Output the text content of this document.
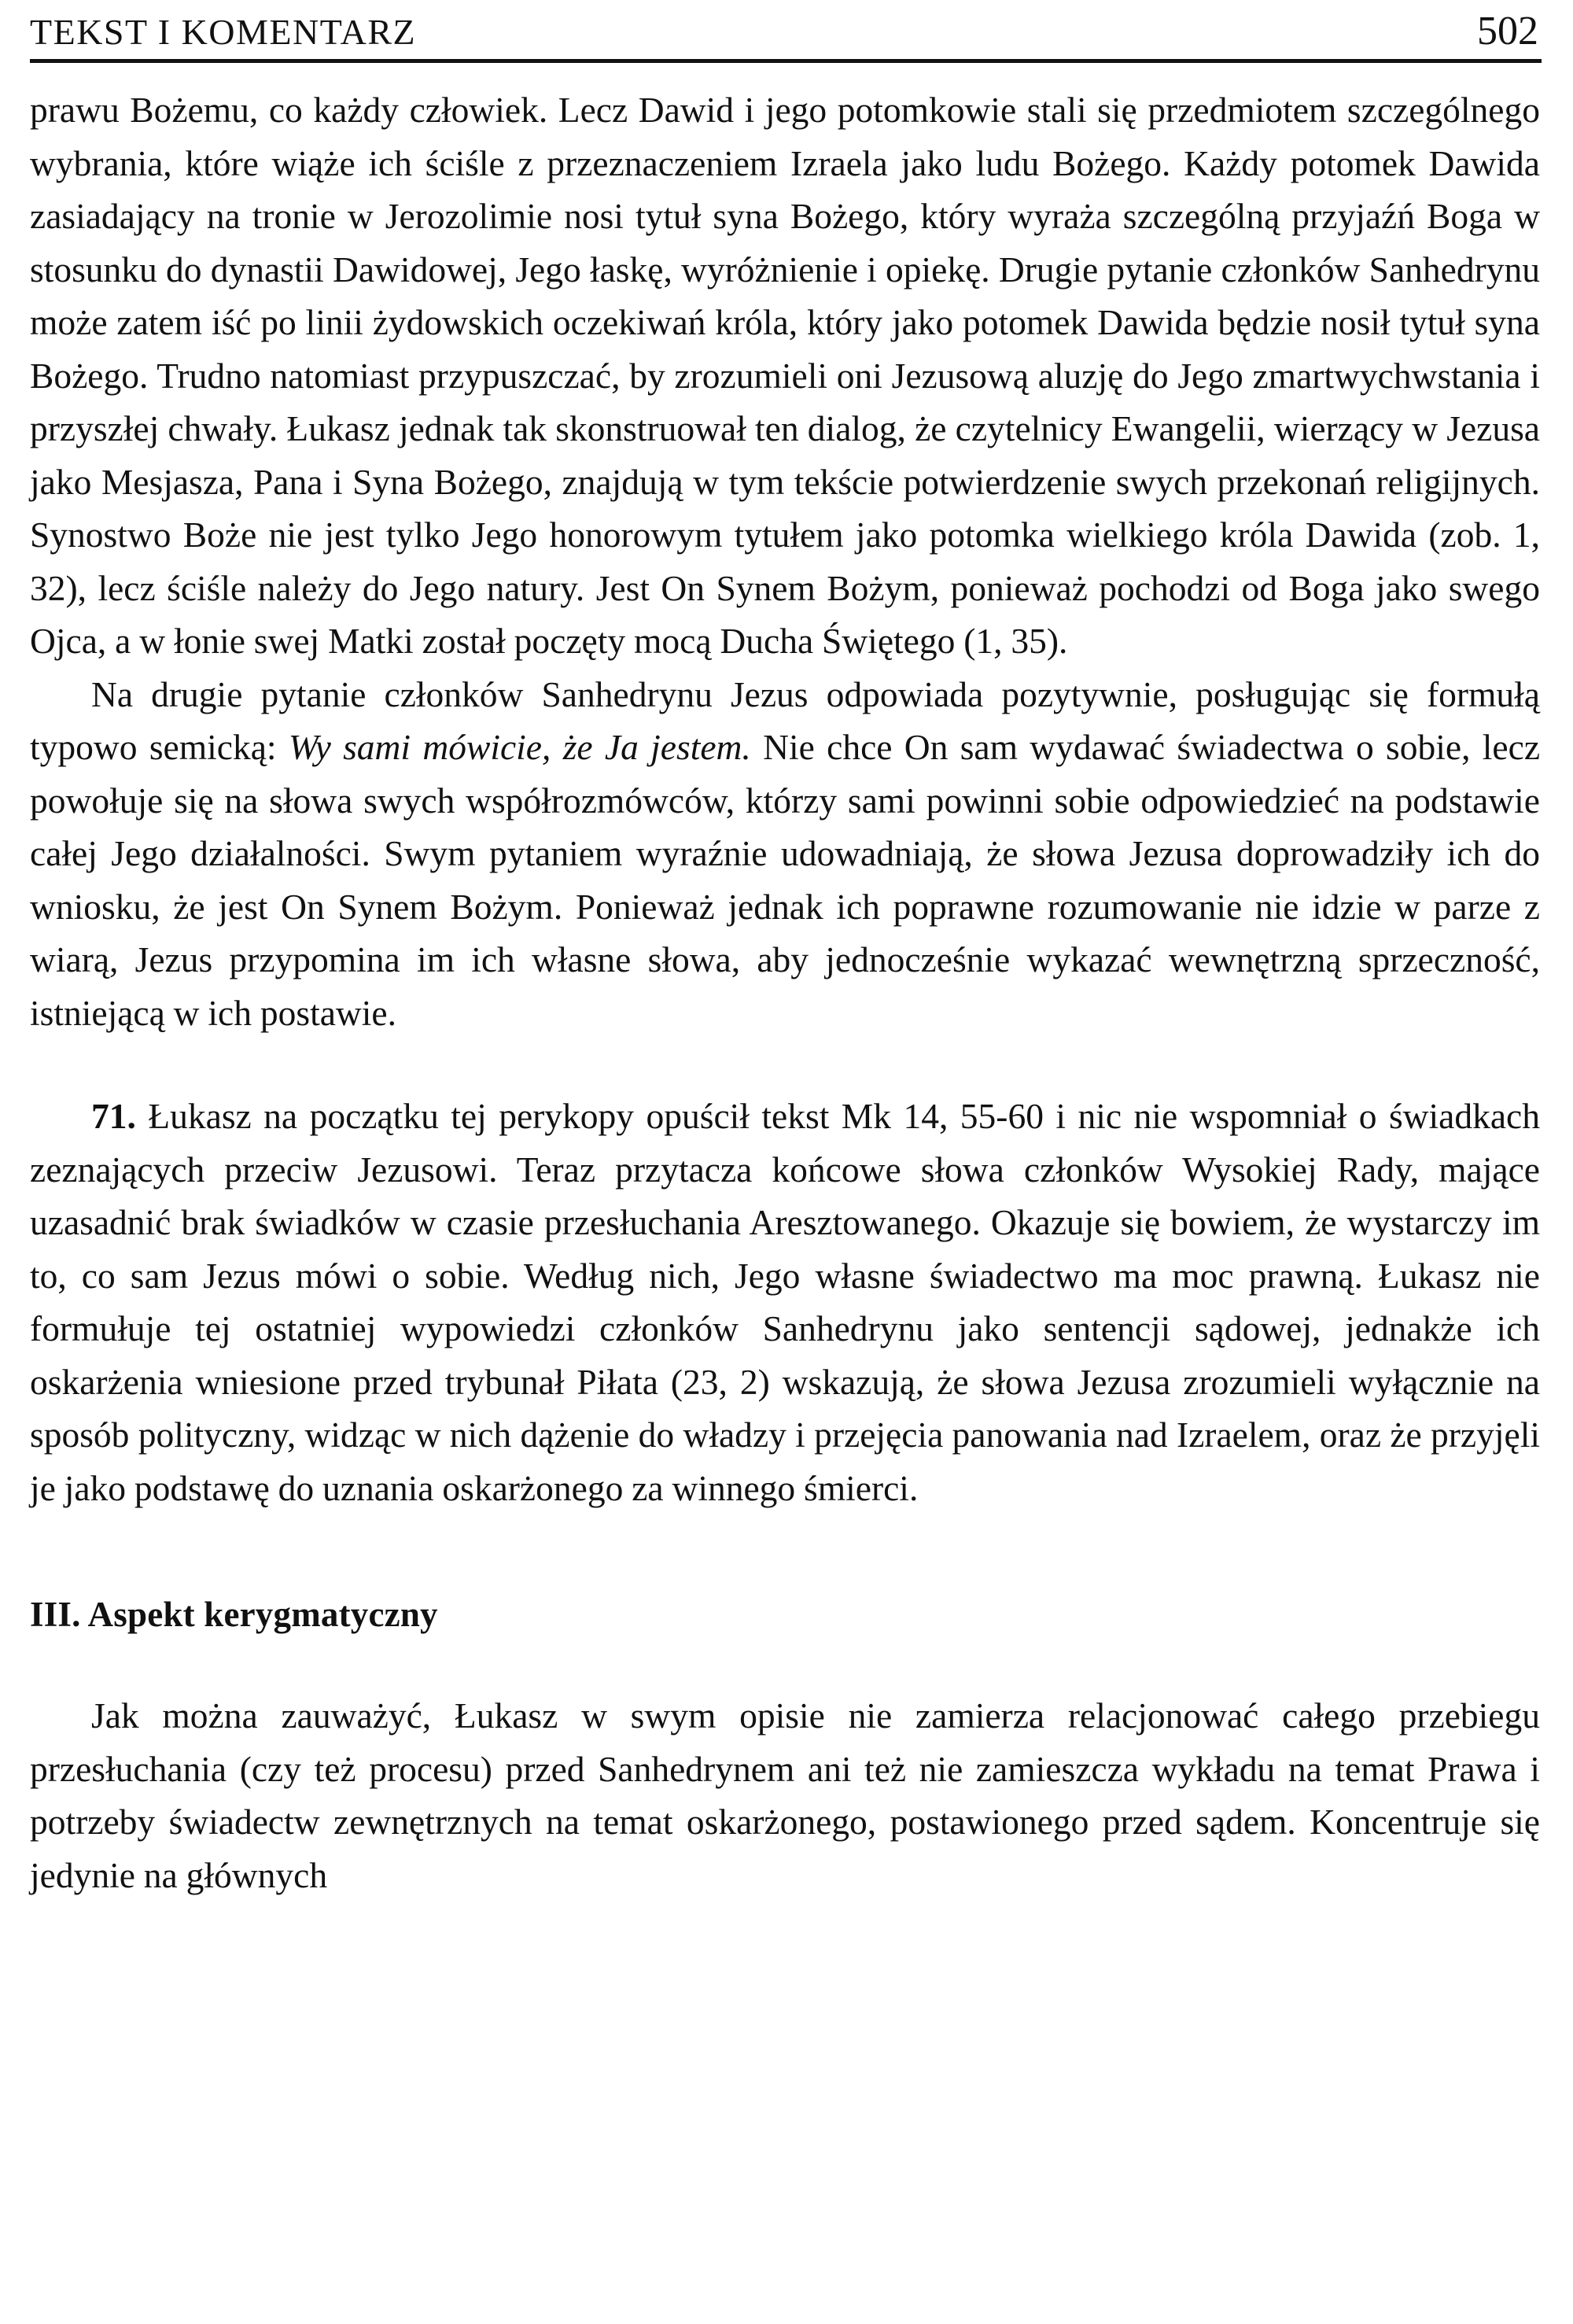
TEKST I KOMENTARZ	502

prawu Bożemu, co każdy człowiek. Lecz Dawid i jego potomkowie stali się przedmiotem szczególnego wybrania, które wiąże ich ściśle z przeznaczeniem Izraela jako ludu Bożego. Każdy potomek Dawida zasiadający na tronie w Jerozolimie nosi tytuł syna Bożego, który wyraża szczególną przyjaźń Boga w stosunku do dynastii Dawidowej, Jego łaskę, wyróżnienie i opiekę. Drugie pytanie członków Sanhedrynu może zatem iść po linii żydowskich oczekiwań króla, który jako potomek Dawida będzie nosił tytuł syna Bożego. Trudno natomiast przypuszczać, by zrozumieli oni Jezusową aluzję do Jego zmartwychwstania i przyszłej chwały. Łukasz jednak tak skonstruował ten dialog, że czytelnicy Ewangelii, wierzący w Jezusa jako Mesjasza, Pana i Syna Bożego, znajdują w tym tekście potwierdzenie swych przekonań religijnych. Synostwo Boże nie jest tylko Jego honorowym tytułem jako potomka wielkiego króla Dawida (zob. 1, 32), lecz ściśle należy do Jego natury. Jest On Synem Bożym, ponieważ pochodzi od Boga jako swego Ojca, a w łonie swej Matki został poczęty mocą Ducha Świętego (1, 35).

Na drugie pytanie członków Sanhedrynu Jezus odpowiada pozytywnie, posługując się formułą typowo semicką: Wy sami mówicie, że Ja jestem. Nie chce On sam wydawać świadectwa o sobie, lecz powołuje się na słowa swych współrozmówców, którzy sami powinni sobie odpowiedzieć na podstawie całej Jego działalności. Swym pytaniem wyraźnie udowadniają, że słowa Jezusa doprowadziły ich do wniosku, że jest On Synem Bożym. Ponieważ jednak ich poprawne rozumowanie nie idzie w parze z wiarą, Jezus przypomina im ich własne słowa, aby jednocześnie wykazać wewnętrzną sprzeczność, istniejącą w ich postawie.

71. Łukasz na początku tej perykopy opuścił tekst Mk 14, 55-60 i nic nie wspomniał o świadkach zeznających przeciw Jezusowi. Teraz przytacza końcowe słowa członków Wysokiej Rady, mające uzasadnić brak świadków w czasie przesłuchania Aresztowanego. Okazuje się bowiem, że wystarczy im to, co sam Jezus mówi o sobie. Według nich, Jego własne świadectwo ma moc prawną. Łukasz nie formułuje tej ostatniej wypowiedzi członków Sanhedrynu jako sentencji sądowej, jednakże ich oskarżenia wniesione przed trybunał Piłata (23, 2) wskazują, że słowa Jezusa zrozumieli wyłącznie na sposób polityczny, widząc w nich dążenie do władzy i przejęcia panowania nad Izraelem, oraz że przyjęli je jako podstawę do uznania oskarżonego za winnego śmierci.

III. Aspekt kerygmatyczny

Jak można zauważyć, Łukasz w swym opisie nie zamierza relacjonować całego przebiegu przesłuchania (czy też procesu) przed Sanhedrynem ani też nie zamieszcza wykładu na temat Prawa i potrzeby świadectw zewnętrznych na temat oskarżonego, postawionego przed sądem. Koncentruje się jedynie na głównych
